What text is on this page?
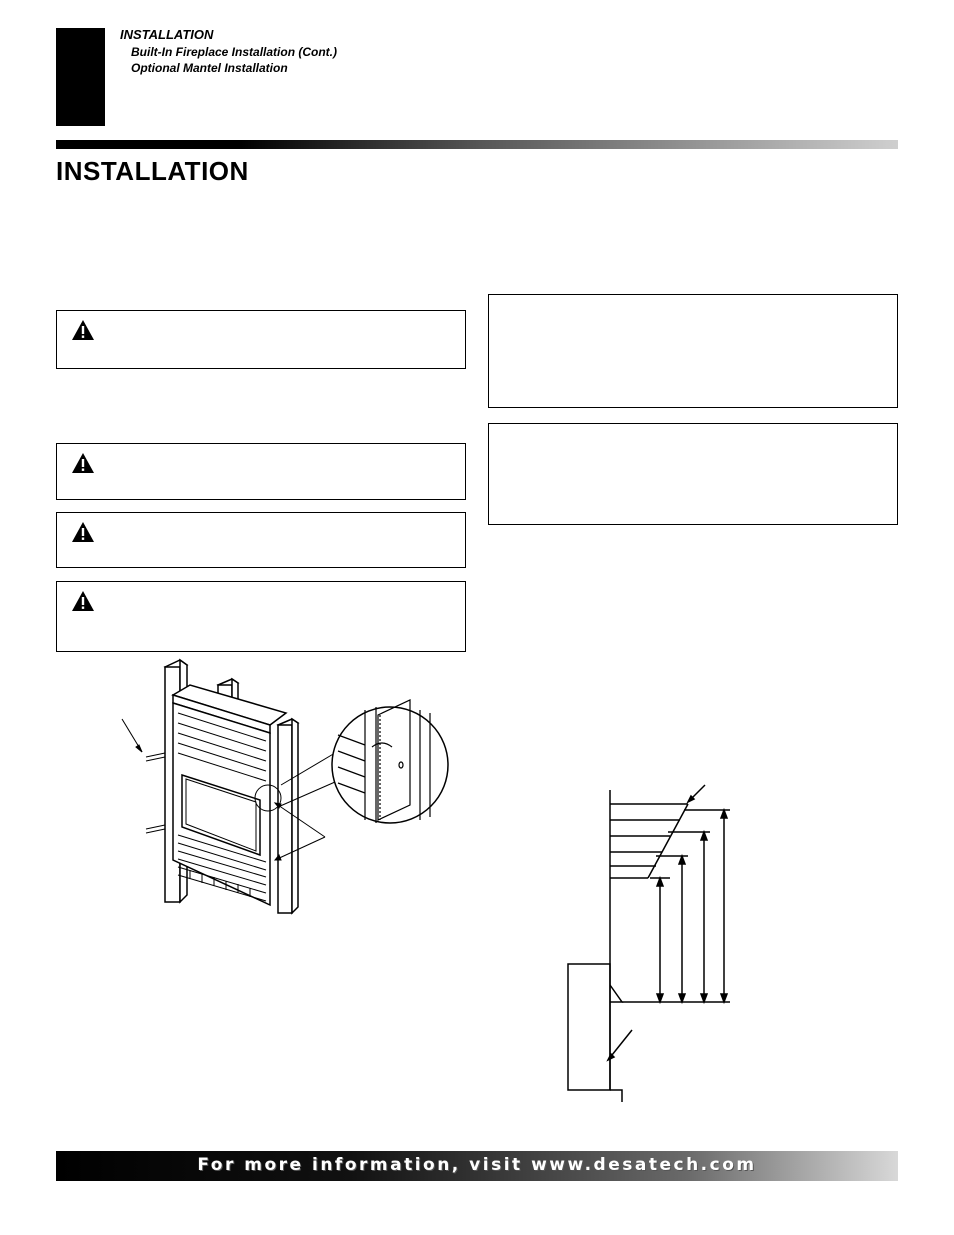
INSTALLATION
Built-In Fireplace Installation (Cont.)
Optional Mantel Installation
INSTALLATION
For more information, visit www.desatech.com
